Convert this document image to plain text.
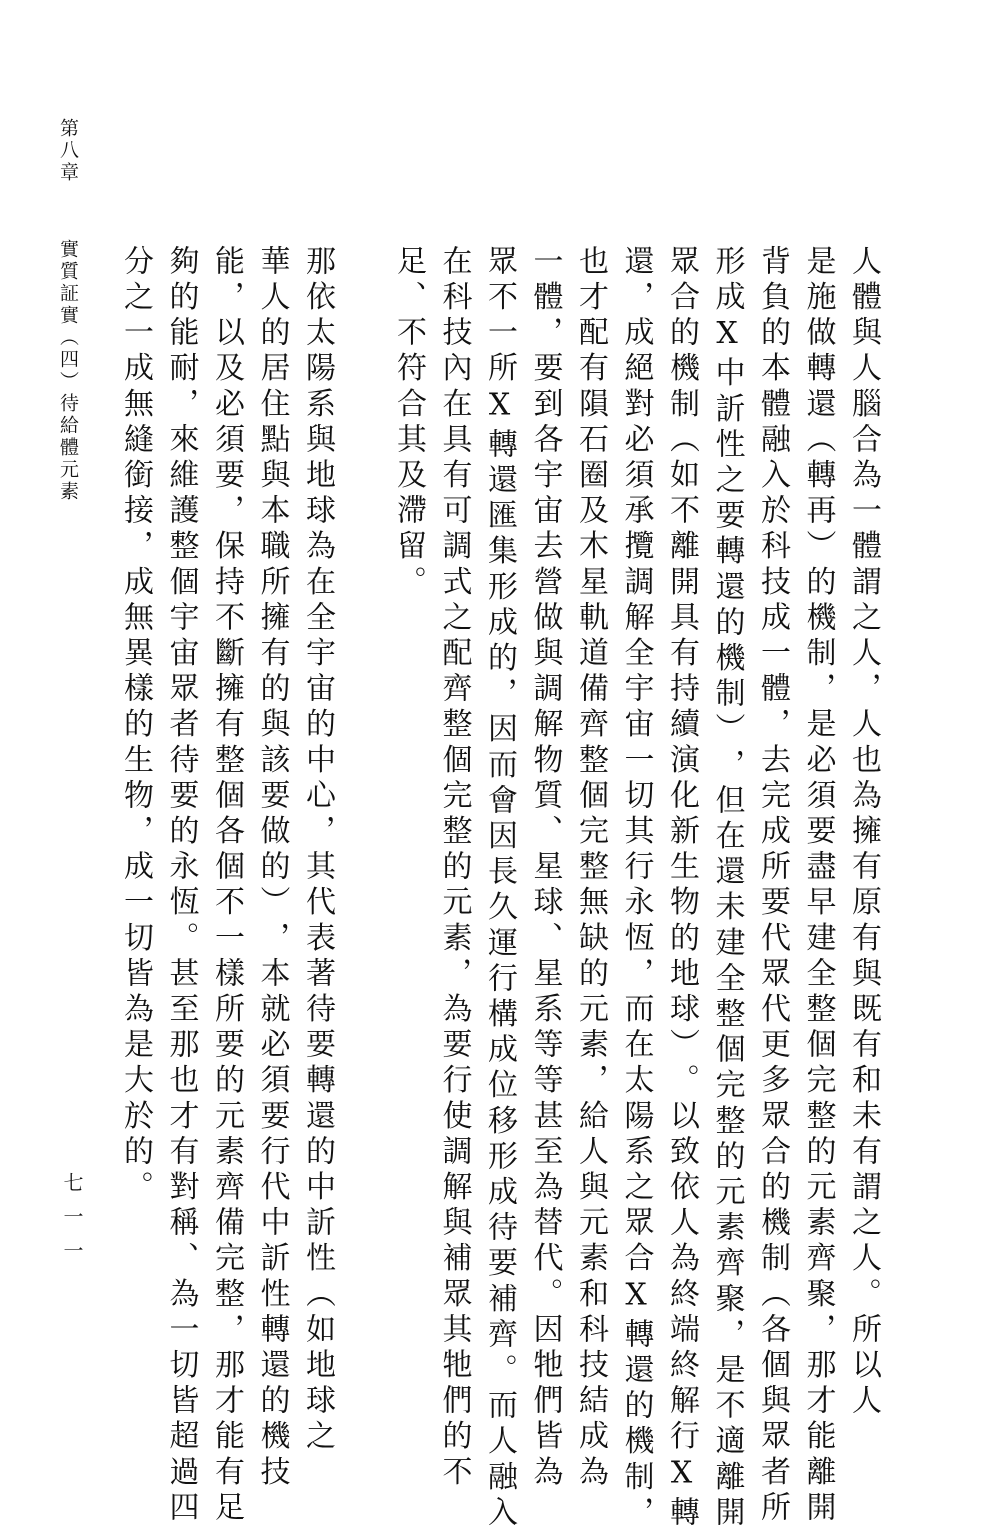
第八章 實質証實︵四︶待給體元素	人體與人腦合為一體謂之人，人也為擁有原有與既有和未有謂之人。所以人
是施做轉還︵轉再︶的機制，是必須要盡早建全整個完整的元素齊聚，那才能離開
背負的本體融入於科技成一體，去完成所要代眾代更多眾合的機制︵各個與眾者所
形成X中訢性之要轉還的機制︶，但在還未建全整個完整的元素齊聚，是不適離開
眾合的機制︵如不離開具有持續演化新生物的地球︶。以致依人為終端終解行X轉
還，成絕對必須承攬調解全宇宙一切其行永恆，而在太陽系之眾合X轉還的機制，
也才配有隕石圈及木星軌道備齊整個完整無缺的元素，給人與元素和科技結成為
一體，要到各宇宙去營做與調解物質、星球、星系等等甚至為替代。因牠們皆為
眾不一所X轉還匯集形成的，因而會因長久運行構成位移形成待要補齊。而人融入
在科技內在具有可調式之配齊整個完整的元素，為要行使調解與補眾其牠們的不
足、不符合其及滯留。

那依太陽系與地球為在全宇宙的中心，其代表著待要轉還的中訢性︵如地球之
華人的居住點與本職所擁有的與該要做的︶，本就必須要行代中訢性轉還的機技
能，以及必須要，保持不斷擁有整個各個不一樣所要的元素齊備完整，那才能有足
夠的能耐，來維護整個宇宙眾者待要的永恆。甚至那也才有對稱、為一切皆超過四
分之一成無縫銜接，成無異樣的生物，成一切皆為是大於的。

七一一
